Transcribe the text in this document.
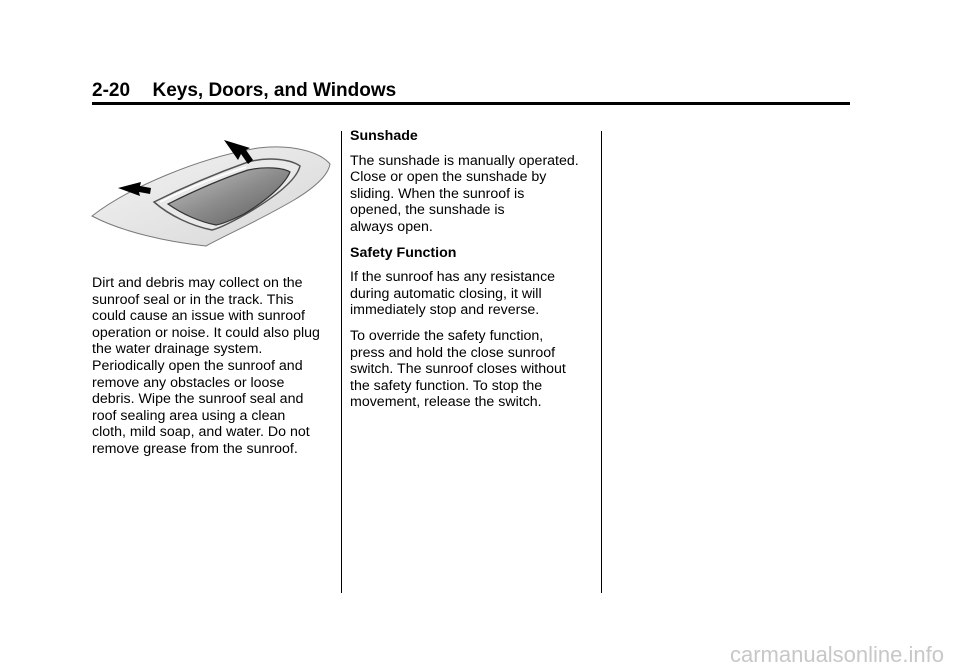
2-20 Keys, Doors, and Windows

Dirt and debris may collect on the
sunroof seal or in the track. This
could cause an issue with sunroof
operation or noise. It could also plug
the water drainage system.
Periodically open the sunroof and
remove any obstacles or loose
debris. Wipe the sunroof seal and
roof sealing area using a clean
cloth, mild soap, and water. Do not
remove grease from the sunroof.

Sunshade

The sunshade is manually operated.
Close or open the sunshade by
sliding. When the sunroof is
opened, the sunshade is
always open.

Safety Function

If the sunroof has any resistance
during automatic closing, it will
immediately stop and reverse.

To override the safety function,
press and hold the close sunroof
switch. The sunroof closes without
the safety function. To stop the
movement, release the switch.

carmanualsonline.info
